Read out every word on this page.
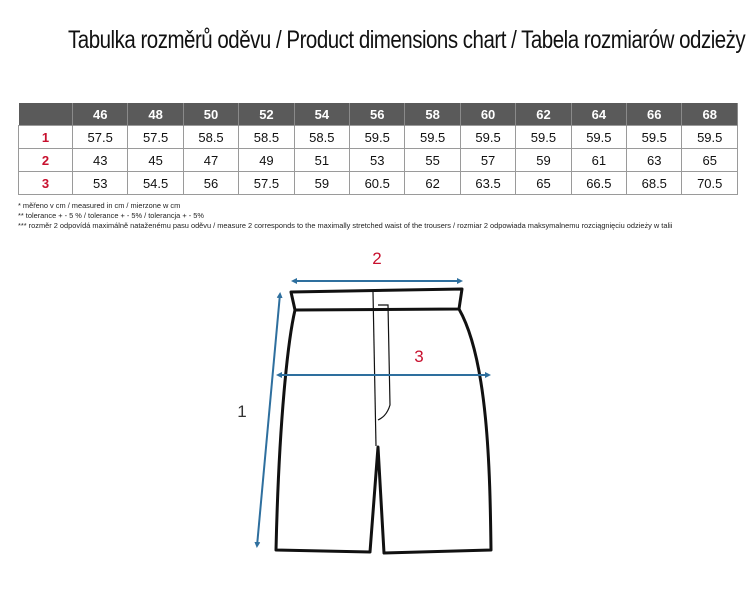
Tabulka rozměrů oděvu / Product dimensions chart / Tabela rozmiarów odzieży
	46	48	50	52	54	56	58	60	62	64	66	68
1	57.5	57.5	58.5	58.5	58.5	59.5	59.5	59.5	59.5	59.5	59.5	59.5
2	43	45	47	49	51	53	55	57	59	61	63	65
3	53	54.5	56	57.5	59	60.5	62	63.5	65	66.5	68.5	70.5
* měřeno v cm / measured in cm / mierzone w cm
** tolerance + - 5 % / tolerance + - 5% / tolerancja + - 5%
*** rozměr 2 odpovídá maximálně nataženému pasu oděvu / measure 2 corresponds to the maximally stretched waist of the trousers / rozmiar 2 odpowiada maksymalnemu rozciągnięciu odzieży w talii
2
3
1
